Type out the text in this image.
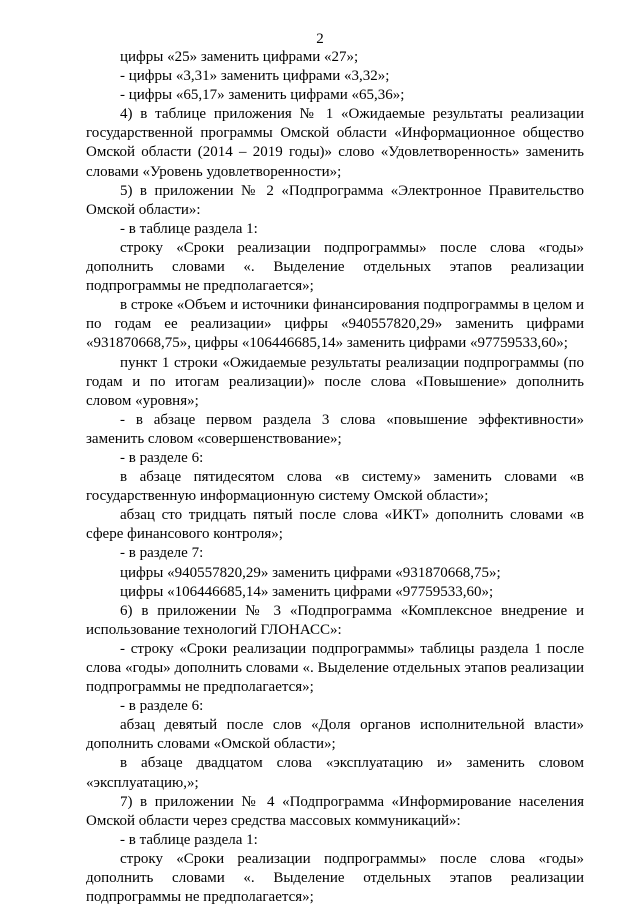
2

цифры «25» заменить цифрами «27»;

- цифры «3,31» заменить цифрами «3,32»;

- цифры «65,17» заменить цифрами «65,36»;

4) в таблице приложения № 1 «Ожидаемые результаты реализации государственной программы Омской области «Информационное общество Омской области (2014 – 2019 годы)» слово «Удовлетворенность» заменить словами «Уровень удовлетворенности»;

5) в приложении № 2 «Подпрограмма «Электронное Правительство Омской области»:

- в таблице раздела 1:

строку «Сроки реализации подпрограммы» после слова «годы» дополнить словами «. Выделение отдельных этапов реализации подпрограммы не предполагается»;

в строке «Объем и источники финансирования подпрограммы в целом и по годам ее реализации» цифры «940557820,29» заменить цифрами «931870668,75», цифры «106446685,14» заменить цифрами «97759533,60»;

пункт 1 строки «Ожидаемые результаты реализации подпрограммы (по годам и по итогам реализации)» после слова «Повышение» дополнить словом «уровня»;

- в абзаце первом раздела 3 слова «повышение эффективности» заменить словом «совершенствование»;

- в разделе 6:

в абзаце пятидесятом слова «в систему» заменить словами «в государственную информационную систему Омской области»;

абзац сто тридцать пятый после слова «ИКТ» дополнить словами «в сфере финансового контроля»;

- в разделе 7:

цифры «940557820,29» заменить цифрами «931870668,75»;

цифры «106446685,14» заменить цифрами «97759533,60»;

6) в приложении № 3 «Подпрограмма «Комплексное внедрение и использование технологий ГЛОНАСС»:

- строку «Сроки реализации подпрограммы» таблицы раздела 1 после слова «годы» дополнить словами «. Выделение отдельных этапов реализации подпрограммы не предполагается»;

- в разделе 6:

абзац девятый после слов «Доля органов исполнительной власти» дополнить словами «Омской области»;

в абзаце двадцатом слова «эксплуатацию и» заменить словом «эксплуатацию,»;

7) в приложении № 4 «Подпрограмма «Информирование населения Омской области через средства массовых коммуникаций»:

- в таблице раздела 1:

строку «Сроки реализации подпрограммы» после слова «годы» дополнить словами «. Выделение отдельных этапов реализации подпрограммы не предполагается»;
